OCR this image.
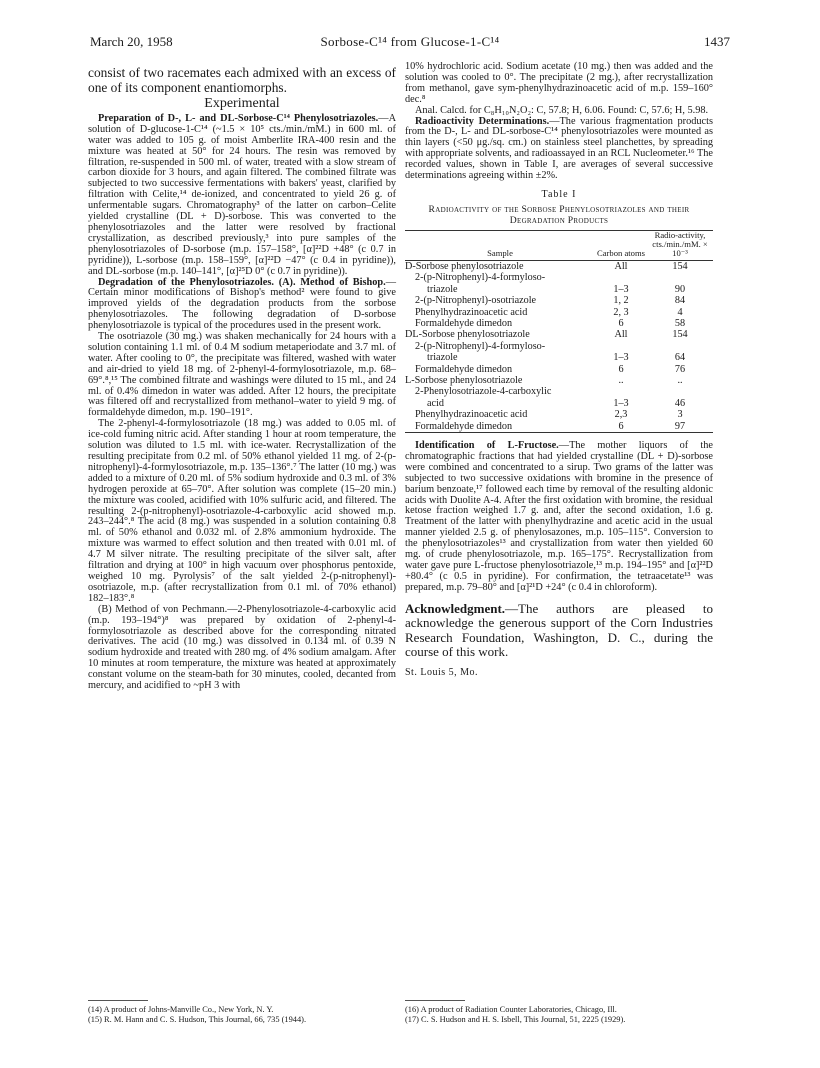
March 20, 1958	Sorbose-C¹⁴ from Glucose-1-C¹⁴	1437
consist of two racemates each admixed with an excess of one of its component enantiomorphs.
Experimental

Preparation of D-, L- and DL-Sorbose-C¹⁴ Phenylosotriazoles.—A solution of D-glucose-1-C¹⁴ (~1.5 × 10⁵ cts./min./mM.) in 600 ml. of water was added to 105 g. of moist Amberlite IRA-400 resin and the mixture was heated at 50° for 24 hours. The resin was removed by filtration, re-suspended in 500 ml. of water, treated with a slow stream of carbon dioxide for 3 hours, and again filtered. The combined filtrate was subjected to two successive fermentations with bakers' yeast, clarified by filtration with Celite,¹⁴ de-ionized, and concentrated to yield 26 g. of unfermentable sugars. Chromatography³ of the latter on carbon–Celite yielded crystalline (DL + D)-sorbose. This was converted to the phenylosotriazoles and the latter were resolved by fractional crystallization, as described previously,³ into pure samples of the phenylosotriazoles of D-sorbose (m.p. 157–158°, [α]²²D +48° (c 0.7 in pyridine)), L-sorbose (m.p. 158–159°, [α]²²D −47° (c 0.4 in pyridine)), and DL-sorbose (m.p. 140–141°, [α]²⁵D 0° (c 0.7 in pyridine)).

Degradation of the Phenylosotriazoles. (A). Method of Bishop.—Certain minor modifications of Bishop's method² were found to give improved yields of the degradation products from the sorbose phenylosotriazoles. The following degradation of D-sorbose phenylosotriazole is typical of the procedures used in the present work.

The osotriazole (30 mg.) was shaken mechanically for 24 hours with a solution containing 1.1 ml. of 0.4 M sodium metaperiodate and 3.7 ml. of water. After cooling to 0°, the precipitate was filtered, washed with water and air-dried to yield 18 mg. of 2-phenyl-4-formylosotriazole, m.p. 68–69°.⁸,¹⁵ The combined filtrate and washings were diluted to 15 ml., and 24 ml. of 0.4% dimedon in water was added. After 12 hours, the precipitate was filtered off and recrystallized from methanol–water to yield 9 mg. of formaldehyde dimedon, m.p. 190–191°.

The 2-phenyl-4-formylosotriazole (18 mg.) was added to 0.05 ml. of ice-cold fuming nitric acid. After standing 1 hour at room temperature, the solution was diluted to 1.5 ml. with ice-water. Recrystallization of the resulting precipitate from 0.2 ml. of 50% ethanol yielded 11 mg. of 2-(p-nitrophenyl)-4-formylosotriazole, m.p. 135–136°.⁷ The latter (10 mg.) was added to a mixture of 0.20 ml. of 5% sodium hydroxide and 0.3 ml. of 3% hydrogen peroxide at 65–70°. After solution was complete (15–20 min.) the mixture was cooled, acidified with 10% sulfuric acid, and filtered. The resulting 2-(p-nitrophenyl)-osotriazole-4-carboxylic acid showed m.p. 243–244°.⁸ The acid (8 mg.) was suspended in a solution containing 0.8 ml. of 50% ethanol and 0.032 ml. of 2.8% ammonium hydroxide. The mixture was warmed to effect solution and then treated with 0.01 ml. of 4.7 M silver nitrate. The resulting precipitate of the silver salt, after filtration and drying at 100° in high vacuum over phosphorus pentoxide, weighed 10 mg. Pyrolysis⁷ of the salt yielded 2-(p-nitrophenyl)-osotriazole, m.p. (after recrystallization from 0.1 ml. of 70% ethanol) 182–183°.⁸

(B) Method of von Pechmann.—2-Phenylosotriazole-4-carboxylic acid (m.p. 193–194°)⁸ was prepared by oxidation of 2-phenyl-4-formylosotriazole as described above for the corresponding nitrated derivatives. The acid (10 mg.) was dissolved in 0.134 ml. of 0.39 N sodium hydroxide and treated with 280 mg. of 4% sodium amalgam. After 10 minutes at room temperature, the mixture was heated at approximately constant volume on the steam-bath for 30 minutes, cooled, decanted from mercury, and acidified to ~pH 3 with

10% hydrochloric acid. Sodium acetate (10 mg.) then was added and the solution was cooled to 0°. The precipitate (2 mg.), after recrystallization from methanol, gave sym-phenylhydrazinoacetic acid of m.p. 159–160° dec.⁸

Anal. Calcd. for C₈H₁₀N₂O₂: C, 57.8; H, 6.06. Found: C, 57.6; H, 5.98.

Radioactivity Determinations.—The various fragmentation products from the D-, L- and DL-sorbose-C¹⁴ phenylosotriazoles were mounted as thin layers (<50 μg./sq. cm.) on stainless steel planchettes, by spreading with appropriate solvents, and radioassayed in an RCL Nucleometer.¹⁶ The recorded values, shown in Table I, are averages of several successive determinations agreeing within ±2%.

Table I
Radioactivity of the Sorbose Phenylosotriazoles and their Degradation Products
Sample	Carbon atoms	Radio-activity, cts./min./mM. × 10⁻³
D-Sorbose phenylosotriazole	All	154
2-(p-Nitrophenyl)-4-formyloso-		
triazole	1–3	90
2-(p-Nitrophenyl)-osotriazole	1, 2	84
Phenylhydrazinoacetic acid	2, 3	4
Formaldehyde dimedon	6	58
DL-Sorbose phenylosotriazole	All	154
2-(p-Nitrophenyl)-4-formyloso-		
triazole	1–3	64
Formaldehyde dimedon	6	76
L-Sorbose phenylosotriazole	..	..
2-Phenylosotriazole-4-carboxylic		
acid	1–3	46
Phenylhydrazinoacetic acid	2,3	3
Formaldehyde dimedon	6	97

Identification of L-Fructose.—The mother liquors of the chromatographic fractions that had yielded crystalline (DL + D)-sorbose were combined and concentrated to a sirup. Two grams of the latter was subjected to two successive oxidations with bromine in the presence of barium benzoate,¹⁷ followed each time by removal of the resulting aldonic acids with Duolite A-4. After the first oxidation with bromine, the residual ketose fraction weighed 1.7 g. and, after the second oxidation, 1.6 g. Treatment of the latter with phenylhydrazine and acetic acid in the usual manner yielded 2.5 g. of phenylosazones, m.p. 105–115°. Conversion to the phenylosotriazoles¹³ and crystallization from water then yielded 60 mg. of crude phenylosotriazole, m.p. 165–175°. Recrystallization from water gave pure L-fructose phenylosotriazole,¹³ m.p. 194–195° and [α]²²D +80.4° (c 0.5 in pyridine). For confirmation, the tetraacetate¹³ was prepared, m.p. 79–80° and [α]²¹D +24° (c 0.4 in chloroform).

Acknowledgment.—The authors are pleased to acknowledge the generous support of the Corn Industries Research Foundation, Washington, D. C., during the course of this work.
St. Louis 5, Mo.
(14) A product of Johns-Manville Co., New York, N. Y.
(15) R. M. Hann and C. S. Hudson, This Journal, 66, 735 (1944).
(16) A product of Radiation Counter Laboratories, Chicago, Ill.
(17) C. S. Hudson and H. S. Isbell, This Journal, 51, 2225 (1929).
